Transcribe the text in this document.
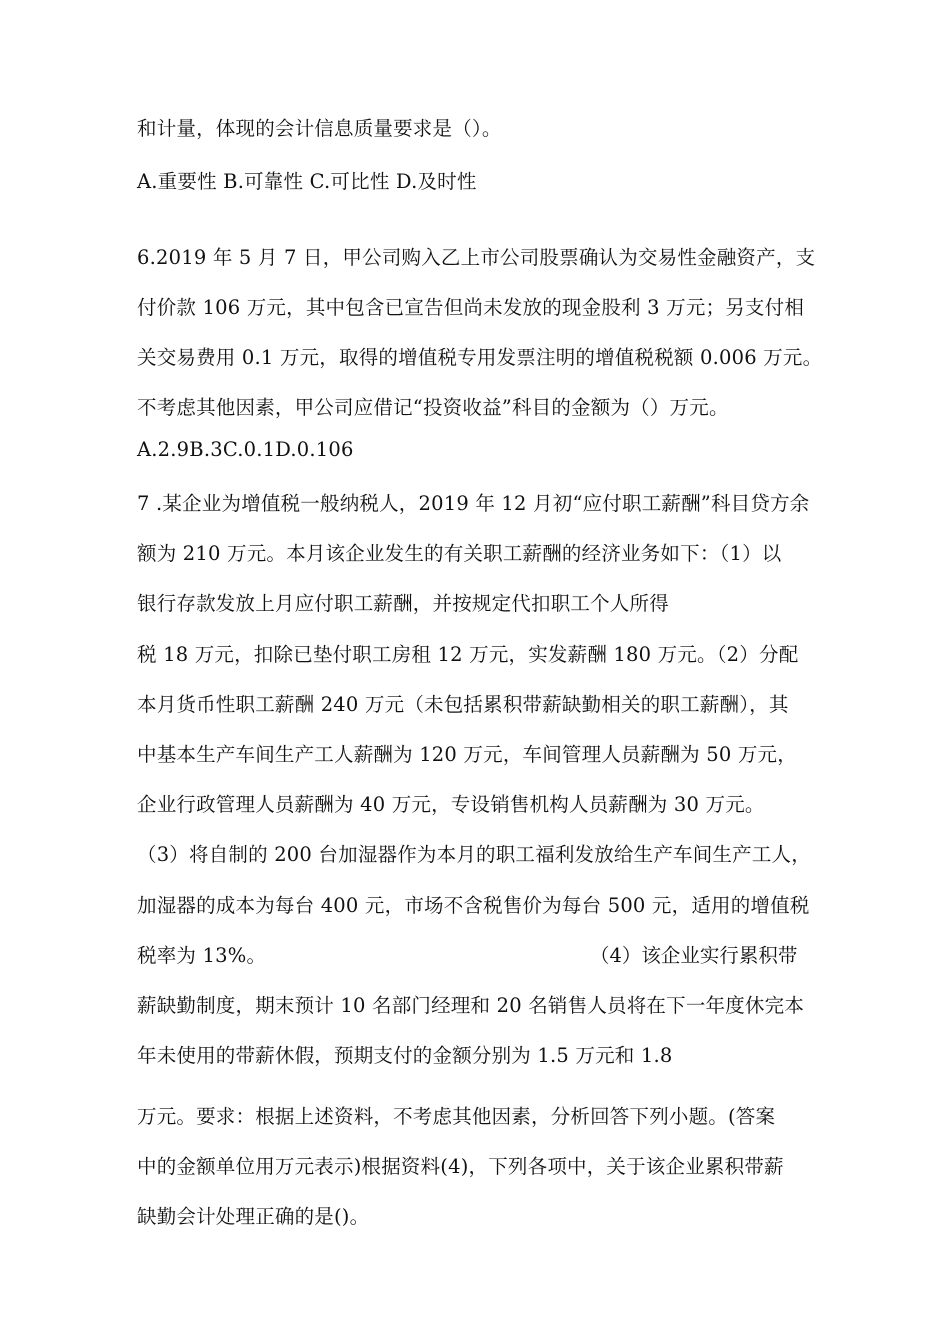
和计量，体现的会计信息质量要求是（）。
A.重要性 B.可靠性 C.可比性 D.及时性
6.2019 年 5 月 7 日，甲公司购入乙上市公司股票确认为交易性金融资产，支
付价款 106 万元，其中包含已宣告但尚未发放的现金股利 3 万元；另支付相
关交易费用 0.1 万元，取得的增值税专用发票注明的增值税税额 0.006 万元。
不考虑其他因素，甲公司应借记“投资收益”科目的金额为（）万元。
A.2.9B.3C.0.1D.0.106
7 .某企业为增值税一般纳税人，2019 年 12 月初“应付职工薪酬”科目贷方余
额为 210 万元。本月该企业发生的有关职工薪酬的经济业务如下：（1）以
银行存款发放上月应付职工薪酬，并按规定代扣职工个人所得
税 18 万元，扣除已垫付职工房租 12 万元，实发薪酬 180 万元。（2）分配
本月货币性职工薪酬 240 万元（未包括累积带薪缺勤相关的职工薪酬），其
中基本生产车间生产工人薪酬为 120 万元，车间管理人员薪酬为 50 万元，
企业行政管理人员薪酬为 40 万元，专设销售机构人员薪酬为 30 万元。
（3）将自制的 200 台加湿器作为本月的职工福利发放给生产车间生产工人，
加湿器的成本为每台 400 元，市场不含税售价为每台 500 元，适用的增值税
税率为 13%。	（4）该企业实行累积带
薪缺勤制度，期末预计 10 名部门经理和 20 名销售人员将在下一年度休完本
年未使用的带薪休假，预期支付的金额分别为 1.5 万元和 1.8
万元。要求：根据上述资料，不考虑其他因素，分析回答下列小题。(答案
中的金额单位用万元表示)根据资料(4)，下列各项中，关于该企业累积带薪
缺勤会计处理正确的是()。
